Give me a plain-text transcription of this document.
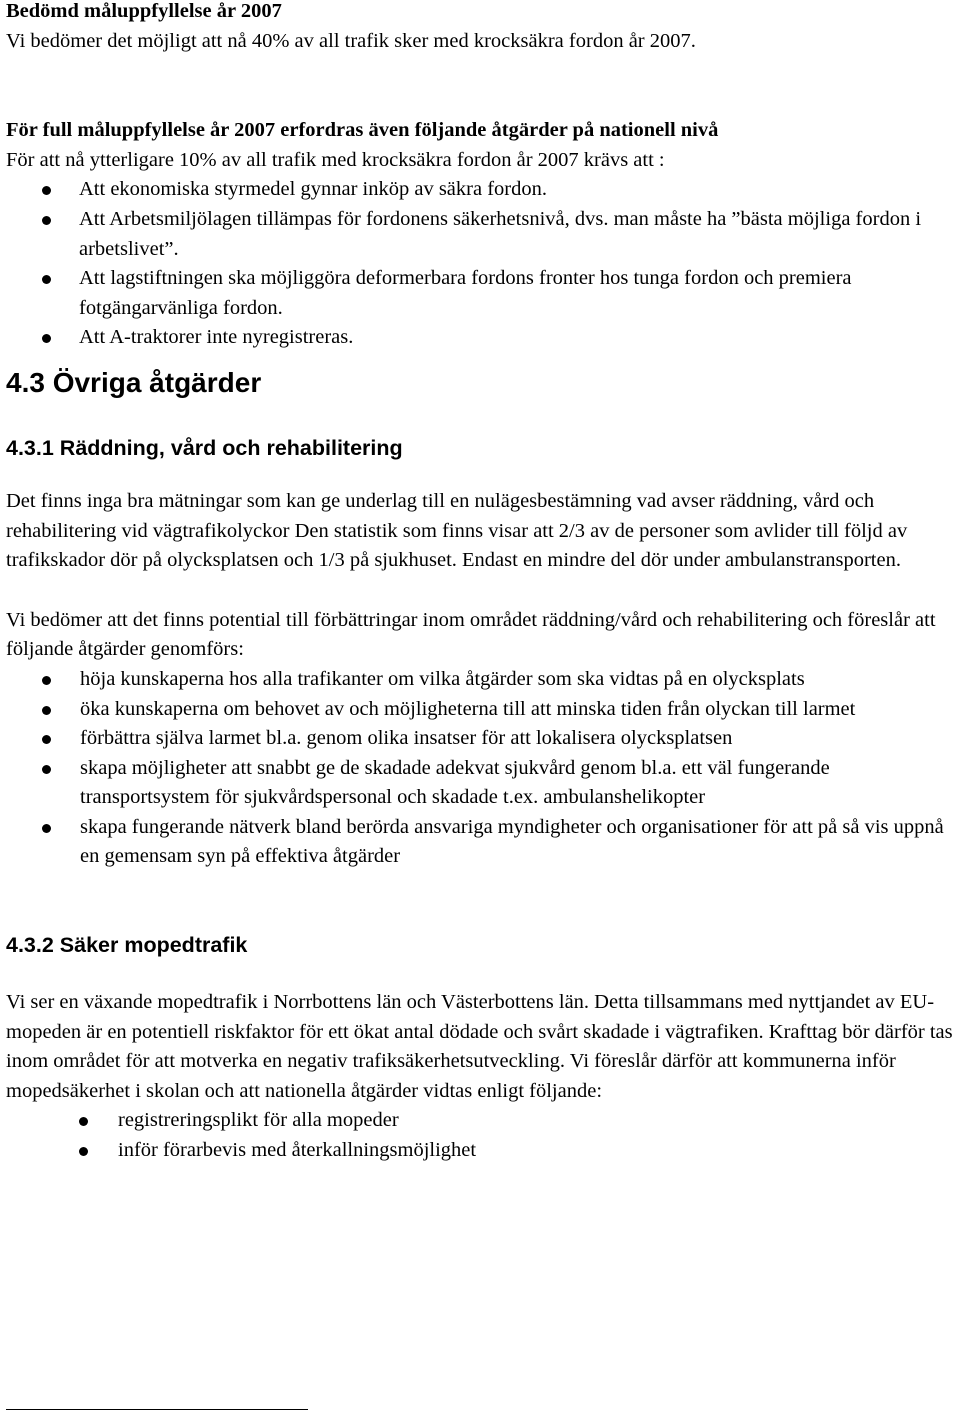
Bedömd måluppfyllelse år 2007

Vi bedömer det möjligt att nå 40% av all trafik sker med krocksäkra fordon år 2007.

För full måluppfyllelse år 2007 erfordras även följande åtgärder på nationell nivå

För att nå ytterligare 10% av all trafik med krocksäkra fordon år 2007 krävs att :

Att ekonomiska styrmedel gynnar inköp av säkra fordon.
Att Arbetsmiljölagen tillämpas för fordonens säkerhetsnivå, dvs. man måste ha ”bästa möjliga fordon i arbetslivet”.
Att lagstiftningen ska möjliggöra deformerbara fordons fronter hos tunga fordon och premiera fotgängarvänliga fordon.
Att A-traktorer inte nyregistreras.
4.3 Övriga åtgärder
4.3.1 Räddning, vård och rehabilitering

Det finns inga bra mätningar som kan ge underlag till en nulägesbestämning vad avser räddning, vård och rehabilitering vid vägtrafikolyckor Den statistik som finns visar att 2/3 av de personer som avlider till följd av trafikskador dör på olycksplatsen och 1/3 på sjukhuset. Endast en mindre del dör under ambulanstransporten.

Vi bedömer att det finns potential till förbättringar inom området räddning/vård och rehabilitering och föreslår att följande åtgärder genomförs:

höja kunskaperna hos alla trafikanter om vilka åtgärder som ska vidtas på en olycksplats
öka kunskaperna om behovet av och möjligheterna till att minska tiden från olyckan till larmet
förbättra själva larmet bl.a. genom olika insatser för att lokalisera olycksplatsen
skapa möjligheter att snabbt ge de skadade adekvat sjukvård genom bl.a. ett väl fungerande transportsystem för sjukvårdspersonal och skadade t.ex. ambulanshelikopter
skapa fungerande nätverk bland berörda ansvariga myndigheter och organisationer för att på så vis uppnå en gemensam syn på effektiva åtgärder
4.3.2 Säker mopedtrafik

Vi ser en växande mopedtrafik i Norrbottens län och Västerbottens län. Detta tillsammans med nyttjandet av EU-mopeden är en potentiell riskfaktor för ett ökat antal dödade och svårt skadade i vägtrafiken. Krafttag bör därför tas inom området för att motverka en negativ trafiksäkerhetsutveckling. Vi föreslår därför att kommunerna inför mopedsäkerhet i skolan och att nationella åtgärder vidtas enligt följande:

registreringsplikt för alla mopeder
inför förarbevis med återkallningsmöjlighet
